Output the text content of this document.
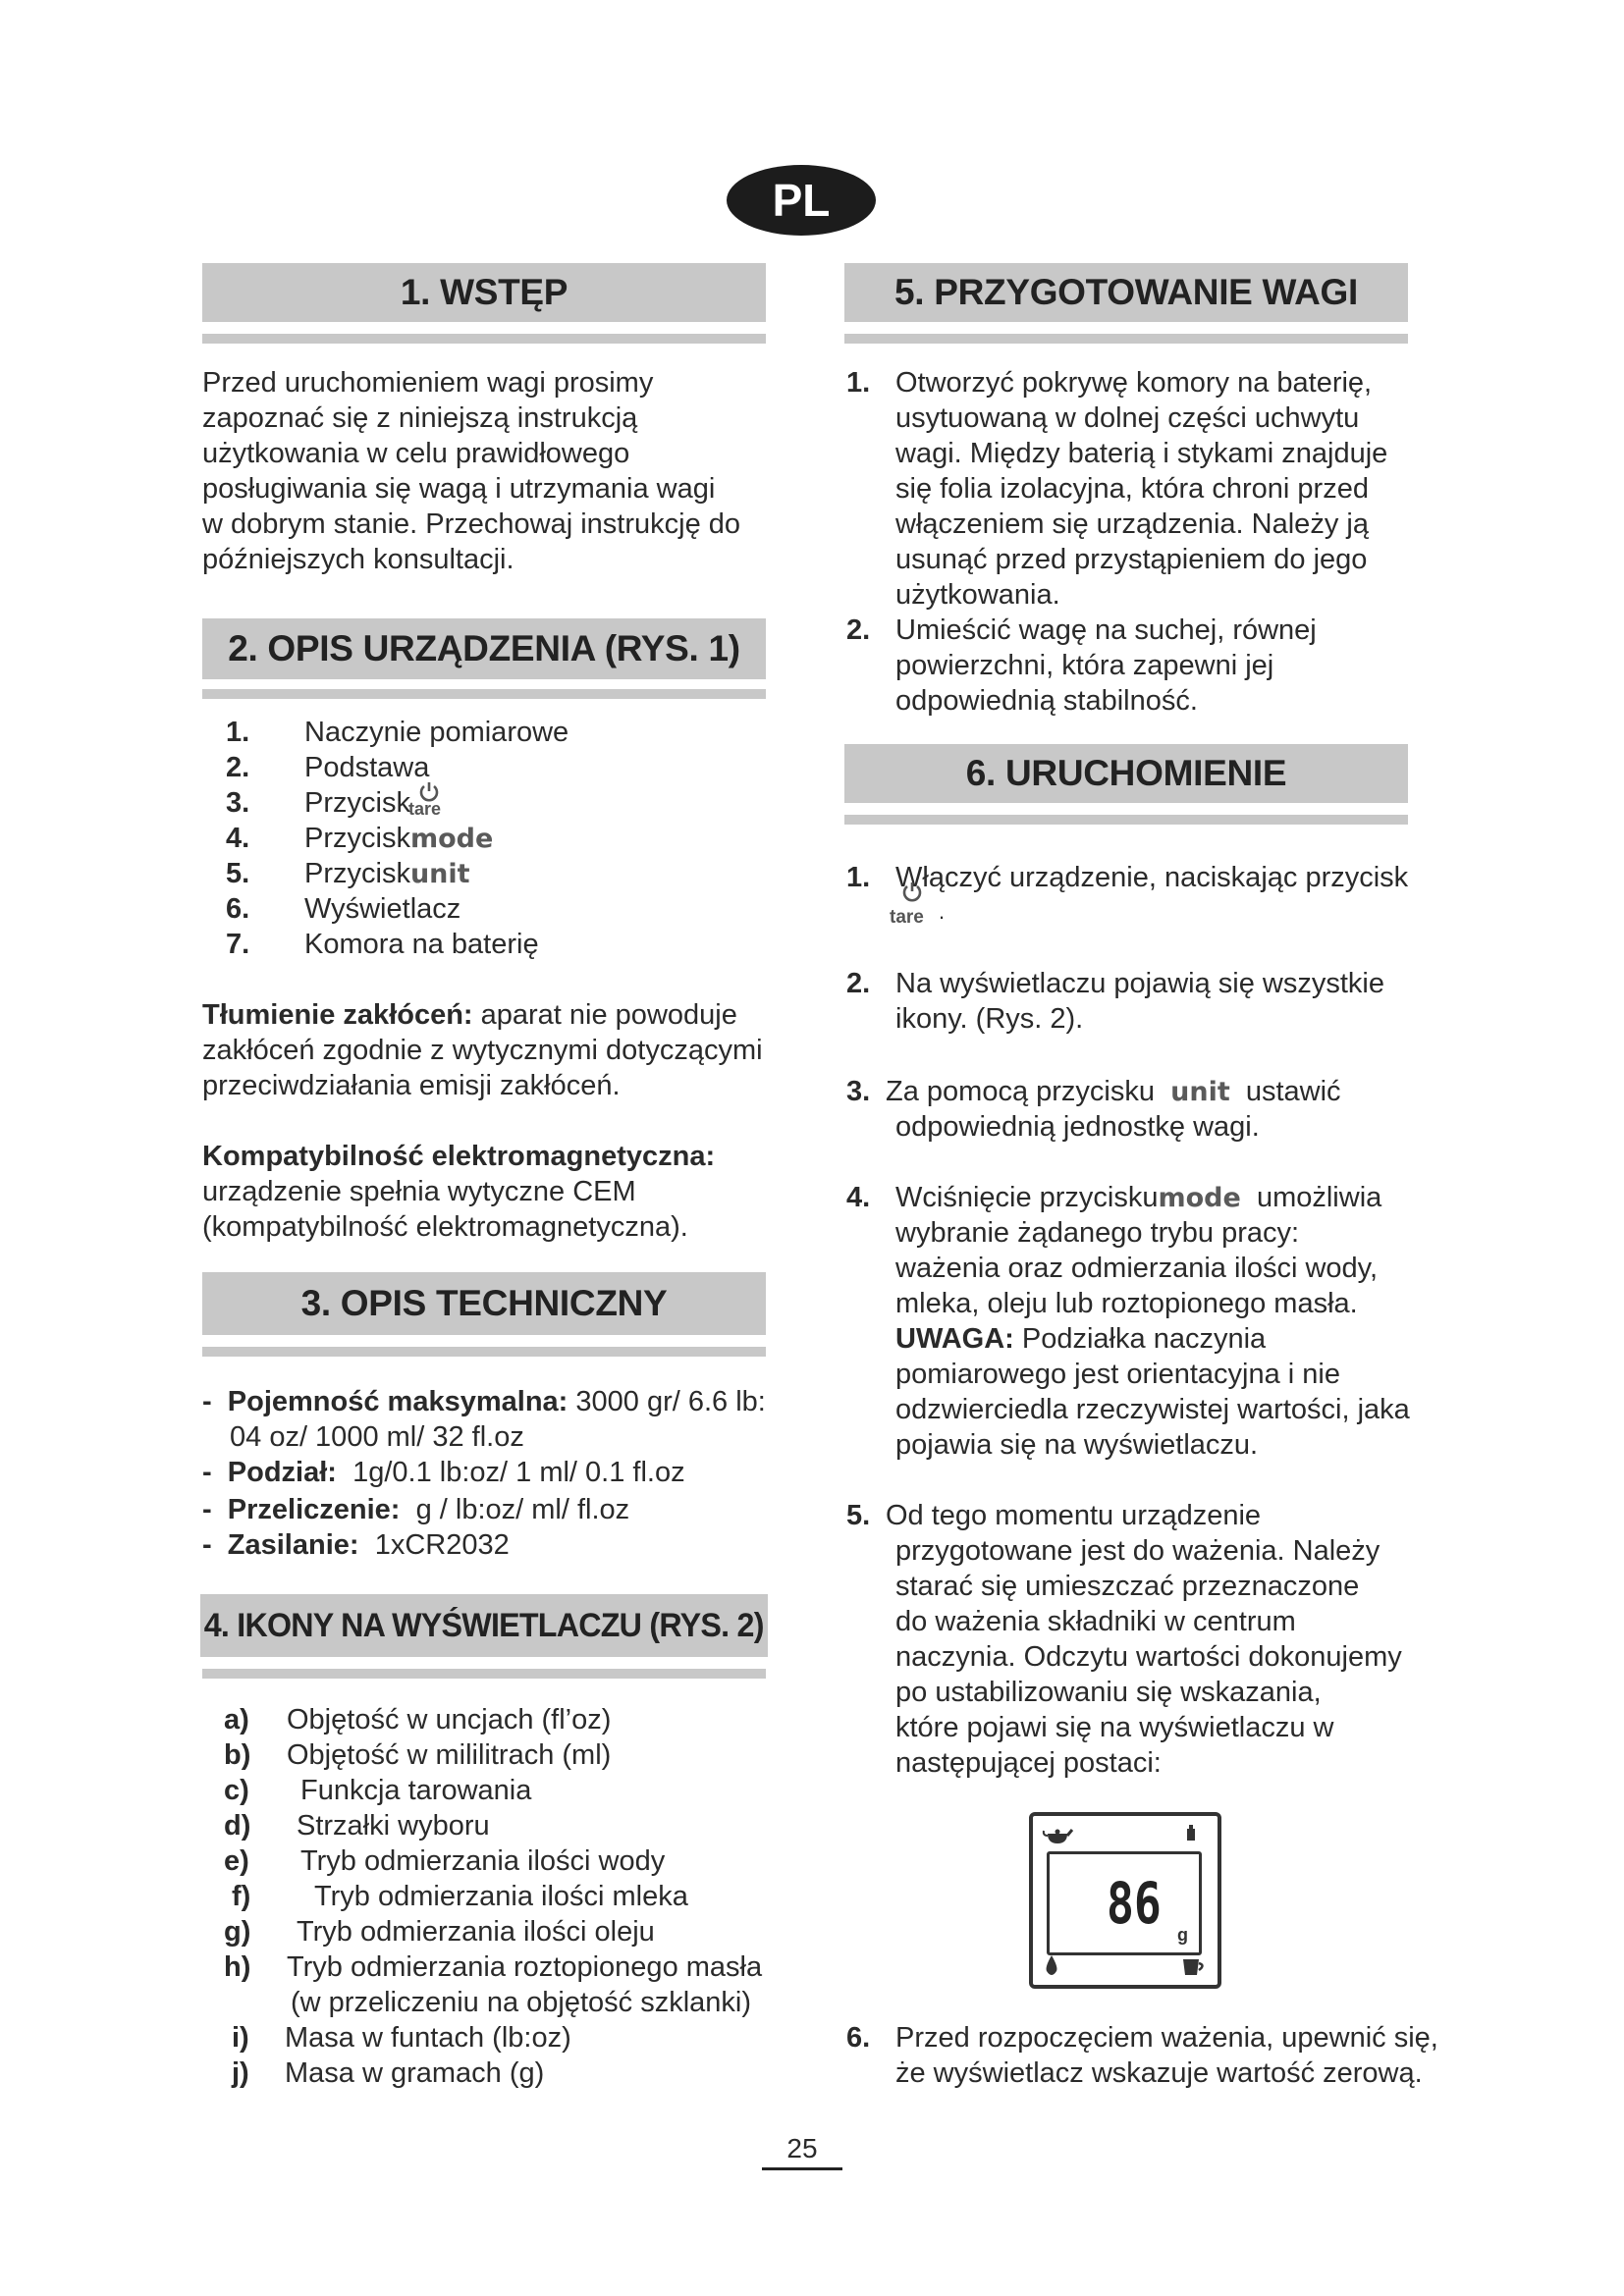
PL
1. WSTĘP
Przed uruchomieniem wagi prosimy
zapoznać się z niniejszą instrukcją
użytkowania w celu prawidłowego
posługiwania się wagą i utrzymania wagi
w dobrym stanie. Przechowaj instrukcję do
późniejszych konsultacji.
2. OPIS URZĄDZENIA (RYS. 1)
1. Naczynie pomiarowe
2. Podstawa
3. Przycisk
tare
4. Przyciskmode
5. Przyciskunit
6. Wyświetlacz
7. Komora na baterię
Tłumienie zakłóceń: aparat nie powoduje
zakłóceń zgodnie z wytycznymi dotyczącymi
przeciwdziałania emisji zakłóceń.
Kompatybilność elektromagnetyczna:
urządzenie spełnia wytyczne CEM
(kompatybilność elektromagnetyczna).
3. OPIS TECHNICZNY
-  Pojemność maksymalna: 3000 gr/ 6.6 lb:
04 oz/ 1000 ml/ 32 fl.oz
-  Podział: 1g/0.1 lb:oz/ 1 ml/ 0.1 fl.oz
-  Przeliczenie: g / lb:oz/ ml/ fl.oz
-  Zasilanie: 1xCR2032
4. IKONY NA WYŚWIETLACZU (RYS. 2)
a) Objętość w uncjach (fl’oz)
b) Objętość w mililitrach (ml)
c) Funkcja tarowania
d) Strzałki wyboru
e) Tryb odmierzania ilości wody
f) Tryb odmierzania ilości mleka
g) Tryb odmierzania ilości oleju
h) Tryb odmierzania roztopionego masła
(w przeliczeniu na objętość szklanki)
i) Masa w funtach (lb:oz)
j) Masa w gramach (g)
5. PRZYGOTOWANIE WAGI
1. Otworzyć pokrywę komory na baterię,
usytuowaną w dolnej części uchwytu
wagi. Między baterią i stykami znajduje
się folia izolacyjna, która chroni przed
włączeniem się urządzenia. Należy ją
usunąć przed przystąpieniem do jego
użytkowania.
2. Umieścić wagę na suchej, równej
powierzchni, która zapewni jej
odpowiednią stabilność.
6. URUCHOMIENIE
1. Włączyć urządzenie, naciskając przycisk
tare .
2. Na wyświetlaczu pojawią się wszystkie
ikony. (Rys. 2).
3. Za pomocą przycisku unit ustawić
odpowiednią jednostkę wagi.
4. Wciśnięcie przyciskumode umożliwia
wybranie żądanego trybu pracy:
ważenia oraz odmierzania ilości wody,
mleka, oleju lub roztopionego masła.
UWAGA: Podziałka naczynia
pomiarowego jest orientacyjna i nie
odzwierciedla rzeczywistej wartości, jaka
pojawia się na wyświetlaczu.
5. Od tego momentu urządzenie
przygotowane jest do ważenia. Należy
starać się umieszczać przeznaczone
do ważenia składniki w centrum
naczynia. Odczytu wartości dokonujemy
po ustabilizowaniu się wskazania,
które pojawi się na wyświetlaczu w
następującej postaci:
86 g
6. Przed rozpoczęciem ważenia, upewnić się,
że wyświetlacz wskazuje wartość zerową.
25
